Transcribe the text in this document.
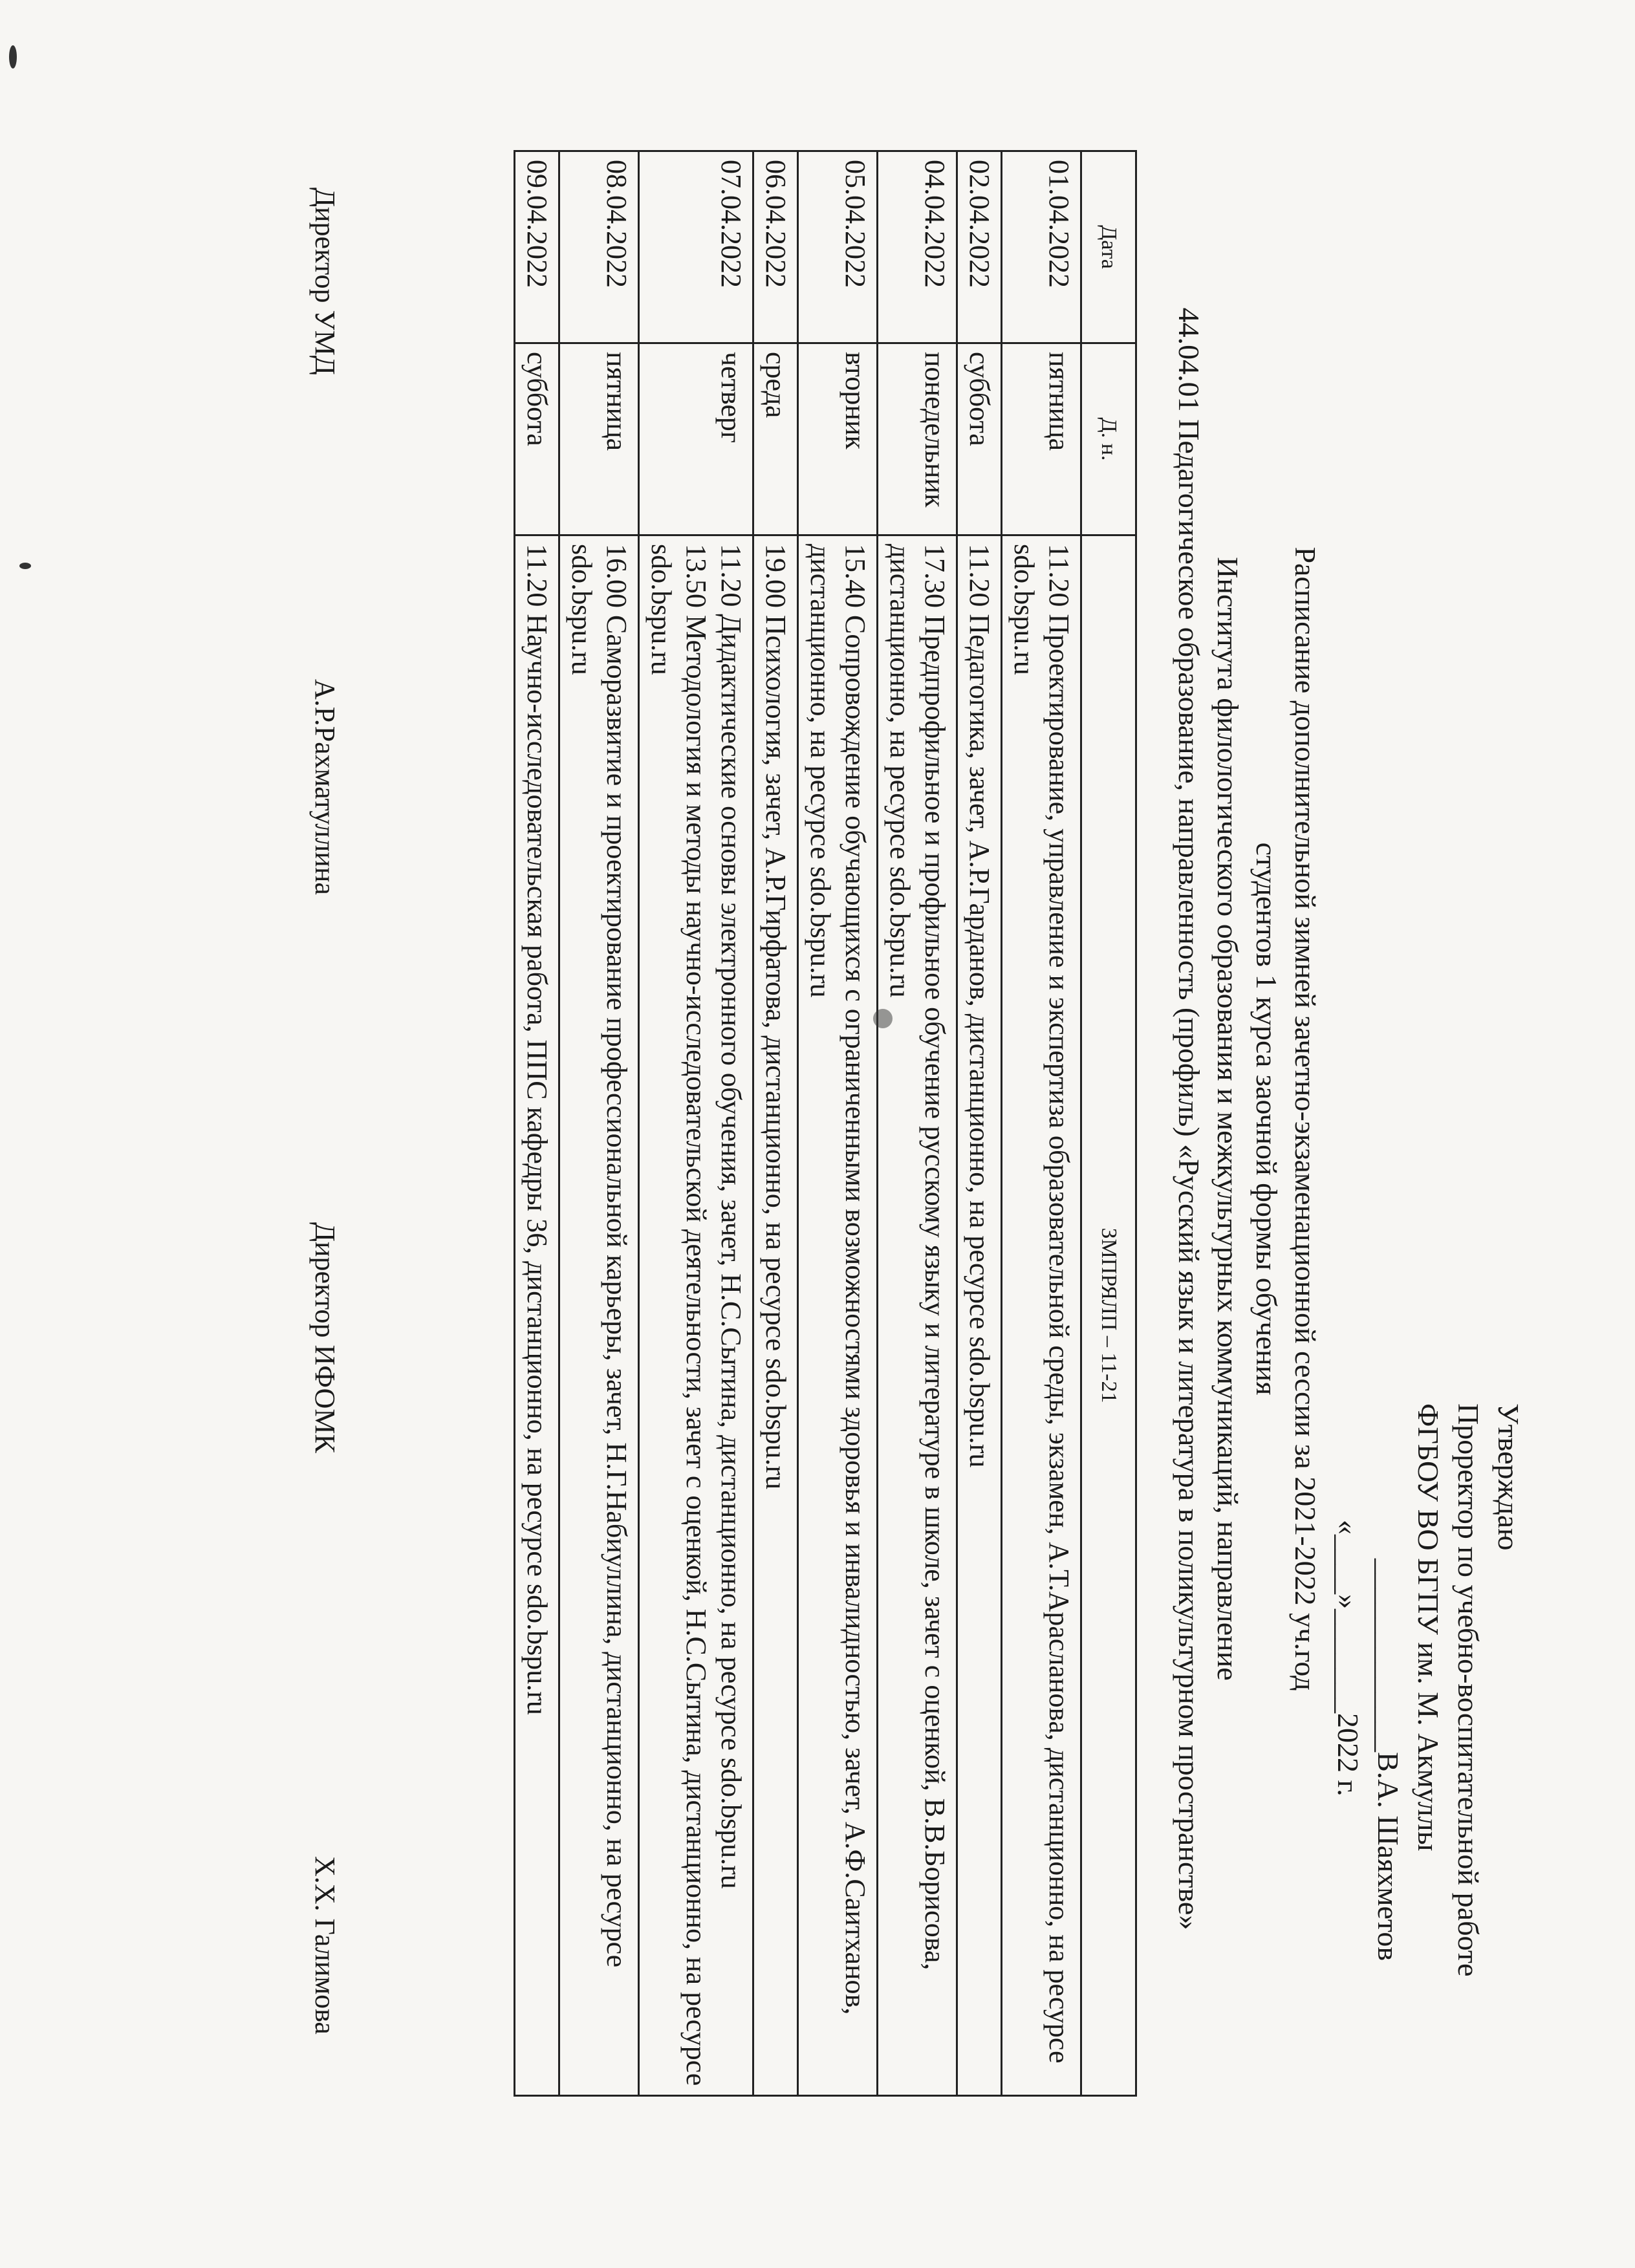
Утверждаю
Проректор по учебно-воспитательной работе
ФГБОУ ВО БГПУ им. М. Акмуллы
_____________В.А. Шаяхметов
«____»_______2022 г.
Расписание дополнительной зимней зачетно-экзаменационной сессии за 2021-2022 уч.год
студентов 1 курса заочной формы обучения
Института филологического образования и межкультурных коммуникаций, направление
44.04.01 Педагогическое образование, направленность (профиль) «Русский язык и литература в поликультурном пространстве»
Дата	Д. н.	ЗМПРЯЛП – 11-21
01.04.2022	пятница	11.20 Проектирование, управление и экспертиза образовательной среды, экзамен, А.Т.Араслановa, дистанционно, на ресурсе sdo.bspu.ru

02.04.2022	суббота	11.20 Педагогика, зачет, А.Р.Гарданов, дистанционно, на ресурсе sdo.bspu.ru

04.04.2022	понедельник	17.30 Предпрофильное и профильное обучение русскому языку и литературе в школе, зачет с оценкой, В.В.Борисова, дистанционно, на ресурсе sdo.bspu.ru

05.04.2022	вторник	15.40 Сопровождение обучающихся с ограниченными возможностями здоровья и инвалидностью, зачет, А.Ф.Саитханов, дистанционно, на ресурсе sdo.bspu.ru

06.04.2022	среда	19.00 Психология, зачет, А.Р.Гирфатова, дистанционно, на ресурсе sdo.bspu.ru

07.04.2022	четверг	11.20 Дидактические основы электронного обучения, зачет, Н.С.Сытина, дистанционно, на ресурсе sdo.bspu.ru
13.50 Методология и методы научно-исследовательской деятельности, зачет с оценкой, Н.С.Сытина, дистанционно, на ресурсе sdo.bspu.ru

08.04.2022	пятница	16.00 Саморазвитие и проектирование профессиональной карьеры, зачет, Н.Г.Набиуллина, дистанционно, на ресурсе sdo.bspu.ru

09.04.2022	суббота	11.20 Научно-исследовательская работа, ППС кафедры 36, дистанционно, на ресурсе sdo.bspu.ru
Директор УМД
А.Р.Рахматуллина
Директор ИФОМК
Х.Х. Галимова
